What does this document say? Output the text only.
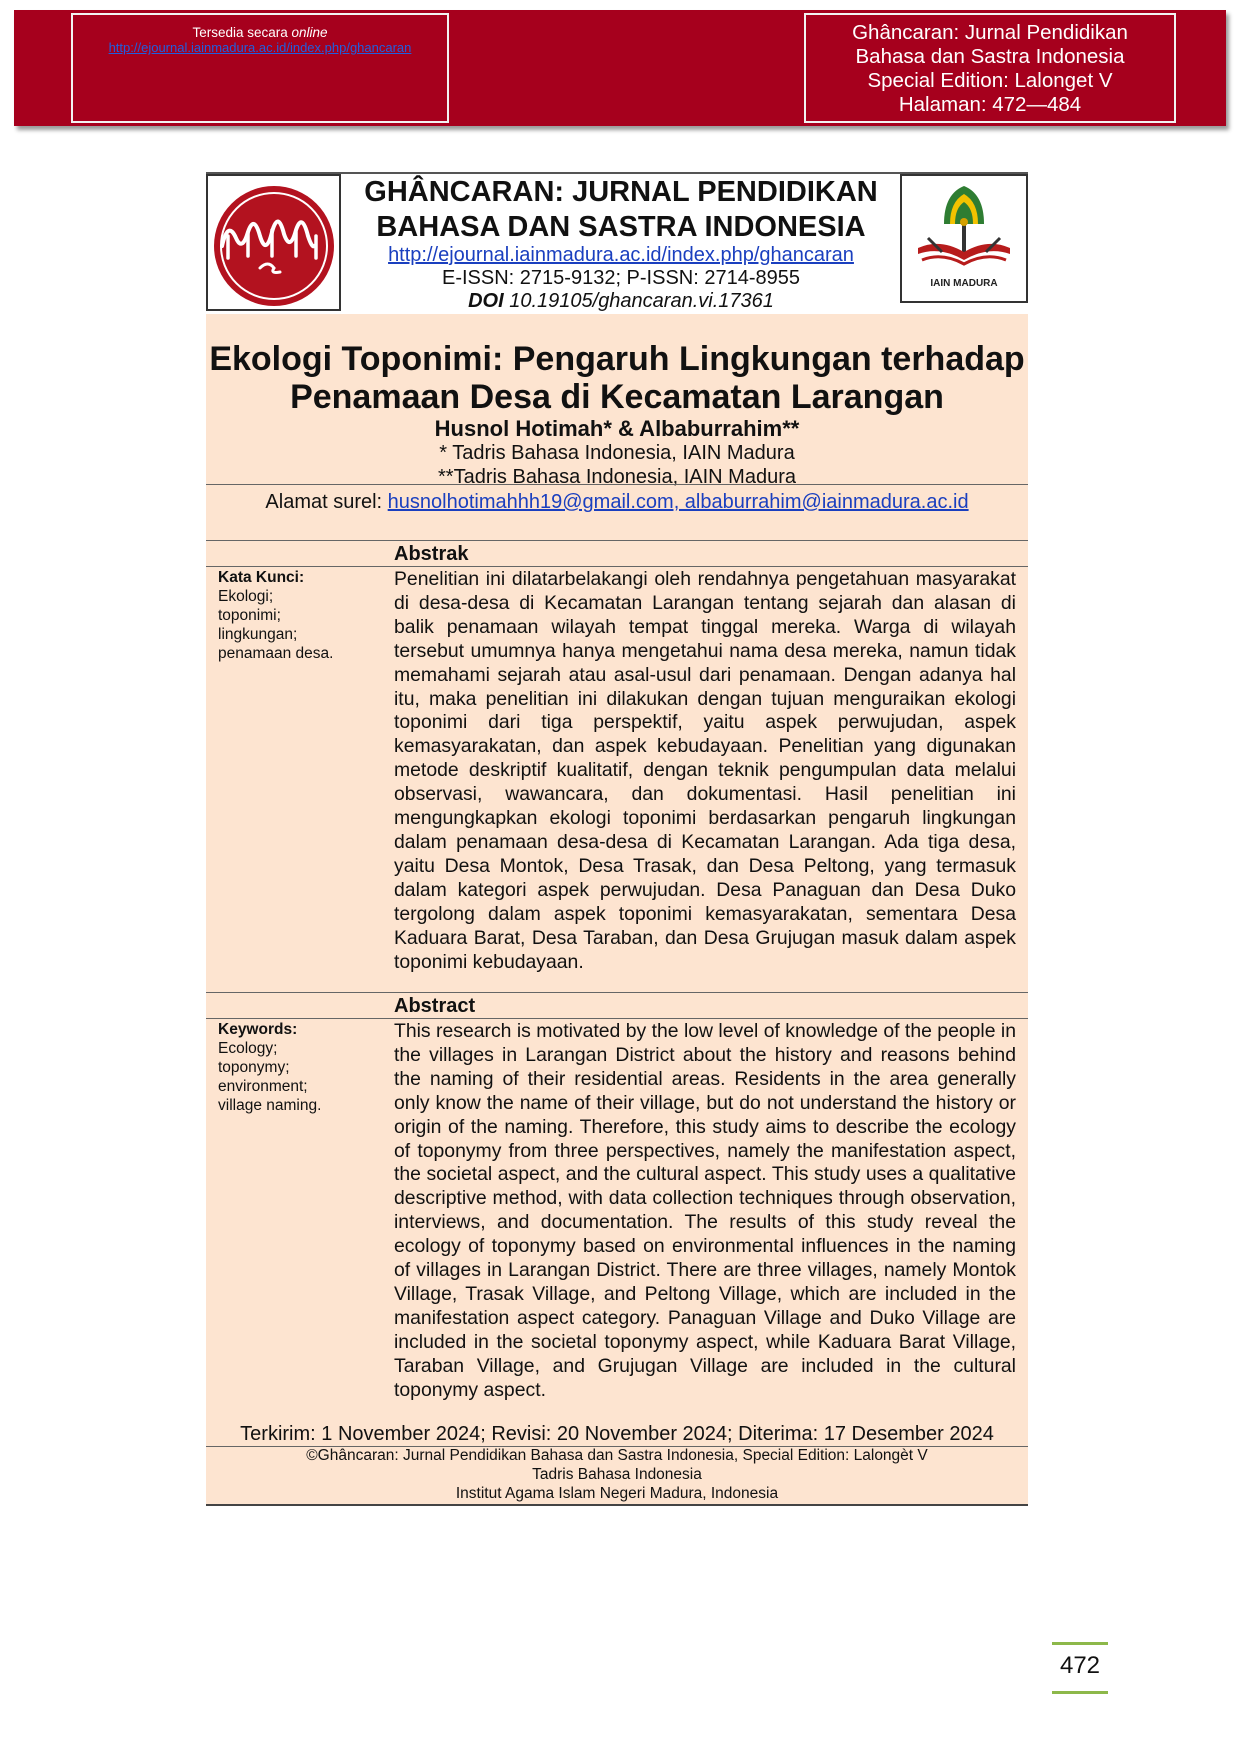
Tersedia secara online
http://ejournal.iainmadura.ac.id/index.php/ghancaran
Ghâncaran: Jurnal Pendidikan
Bahasa dan Sastra Indonesia
Special Edition: Lalonget V
Halaman: 472—484
GHÂNCARAN: JURNAL PENDIDIKAN
BAHASA DAN SASTRA INDONESIA
http://ejournal.iainmadura.ac.id/index.php/ghancaran
E-ISSN: 2715-9132; P-ISSN: 2714-8955
DOI 10.19105/ghancaran.vi.17361
IAIN MADURA
Ekologi Toponimi: Pengaruh Lingkungan terhadap
Penamaan Desa di Kecamatan Larangan
Husnol Hotimah* & Albaburrahim**
* Tadris Bahasa Indonesia, IAIN Madura
**Tadris Bahasa Indonesia, IAIN Madura
Alamat surel: husnolhotimahhh19@gmail.com, albaburrahim@iainmadura.ac.id
Abstrak
Kata Kunci:
Ekologi;
toponimi;
lingkungan;
penamaan desa.
Penelitian ini dilatarbelakangi oleh rendahnya pengetahuan masyarakat di desa-desa di Kecamatan Larangan tentang sejarah dan alasan di balik penamaan wilayah tempat tinggal mereka. Warga di wilayah tersebut umumnya hanya mengetahui nama desa mereka, namun tidak memahami sejarah atau asal-usul dari penamaan. Dengan adanya hal itu, maka penelitian ini dilakukan dengan tujuan menguraikan ekologi toponimi dari tiga perspektif, yaitu aspek perwujudan, aspek kemasyarakatan, dan aspek kebudayaan. Penelitian yang digunakan metode deskriptif kualitatif, dengan teknik pengumpulan data melalui observasi, wawancara, dan dokumentasi. Hasil penelitian ini mengungkapkan ekologi toponimi berdasarkan pengaruh lingkungan dalam penamaan desa-desa di Kecamatan Larangan. Ada tiga desa, yaitu Desa Montok, Desa Trasak, dan Desa Peltong, yang termasuk dalam kategori aspek perwujudan. Desa Panaguan dan Desa Duko tergolong dalam aspek toponimi kemasyarakatan, sementara Desa Kaduara Barat, Desa Taraban, dan Desa Grujugan masuk dalam aspek toponimi kebudayaan.
Abstract
Keywords:
Ecology;
toponymy;
environment;
village naming.
This research is motivated by the low level of knowledge of the people in the villages in Larangan District about the history and reasons behind the naming of their residential areas. Residents in the area generally only know the name of their village, but do not understand the history or origin of the naming. Therefore, this study aims to describe the ecology of toponymy from three perspectives, namely the manifestation aspect, the societal aspect, and the cultural aspect. This study uses a qualitative descriptive method, with data collection techniques through observation, interviews, and documentation. The results of this study reveal the ecology of toponymy based on environmental influences in the naming of villages in Larangan District. There are three villages, namely Montok Village, Trasak Village, and Peltong Village, which are included in the manifestation aspect category. Panaguan Village and Duko Village are included in the societal toponymy aspect, while Kaduara Barat Village, Taraban Village, and Grujugan Village are included in the cultural toponymy aspect.
Terkirim: 1 November 2024; Revisi: 20 November 2024; Diterima: 17 Desember 2024
©Ghâncaran: Jurnal Pendidikan Bahasa dan Sastra Indonesia, Special Edition: Lalongèt V
Tadris Bahasa Indonesia
Institut Agama Islam Negeri Madura, Indonesia
472
